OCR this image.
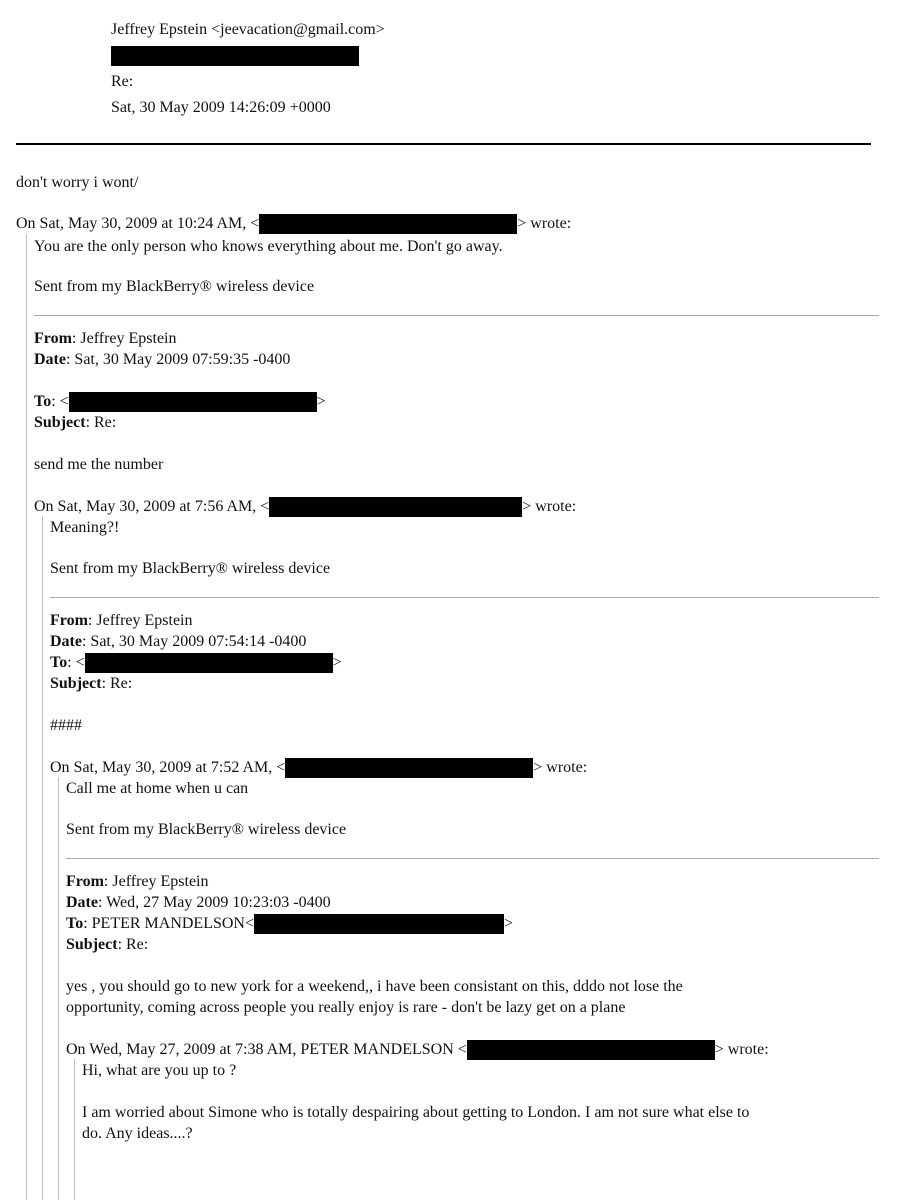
Jeffrey Epstein <jeevacation@gmail.com>
Re:
Sat, 30 May 2009 14:26:09 +0000
don't worry i wont/
On Sat, May 30, 2009 at 10:24 AM, <	> wrote:
You are the only person who knows everything about me. Don't go away.
Sent from my BlackBerry® wireless device
From: Jeffrey Epstein
Date: Sat, 30 May 2009 07:59:35 -0400
To: <	>
Subject: Re:
send me the number
On Sat, May 30, 2009 at 7:56 AM, <	> wrote:
Meaning?!
Sent from my BlackBerry® wireless device
From: Jeffrey Epstein
Date: Sat, 30 May 2009 07:54:14 -0400
To: <	>
Subject: Re:
####
On Sat, May 30, 2009 at 7:52 AM, <	> wrote:
Call me at home when u can
Sent from my BlackBerry® wireless device
From: Jeffrey Epstein
Date: Wed, 27 May 2009 10:23:03 -0400
To: PETER MANDELSON<	>
Subject: Re:
yes , you should go to new york for a weekend,, i have been consistant on this, dddo not lose the
opportunity, coming across people you really enjoy is rare - don't be lazy get on a plane
On Wed, May 27, 2009 at 7:38 AM, PETER MANDELSON <	> wrote:
Hi, what are you up to ?
I am worried about Simone who is totally despairing about getting to London. I am not sure what else to
do. Any ideas....?
